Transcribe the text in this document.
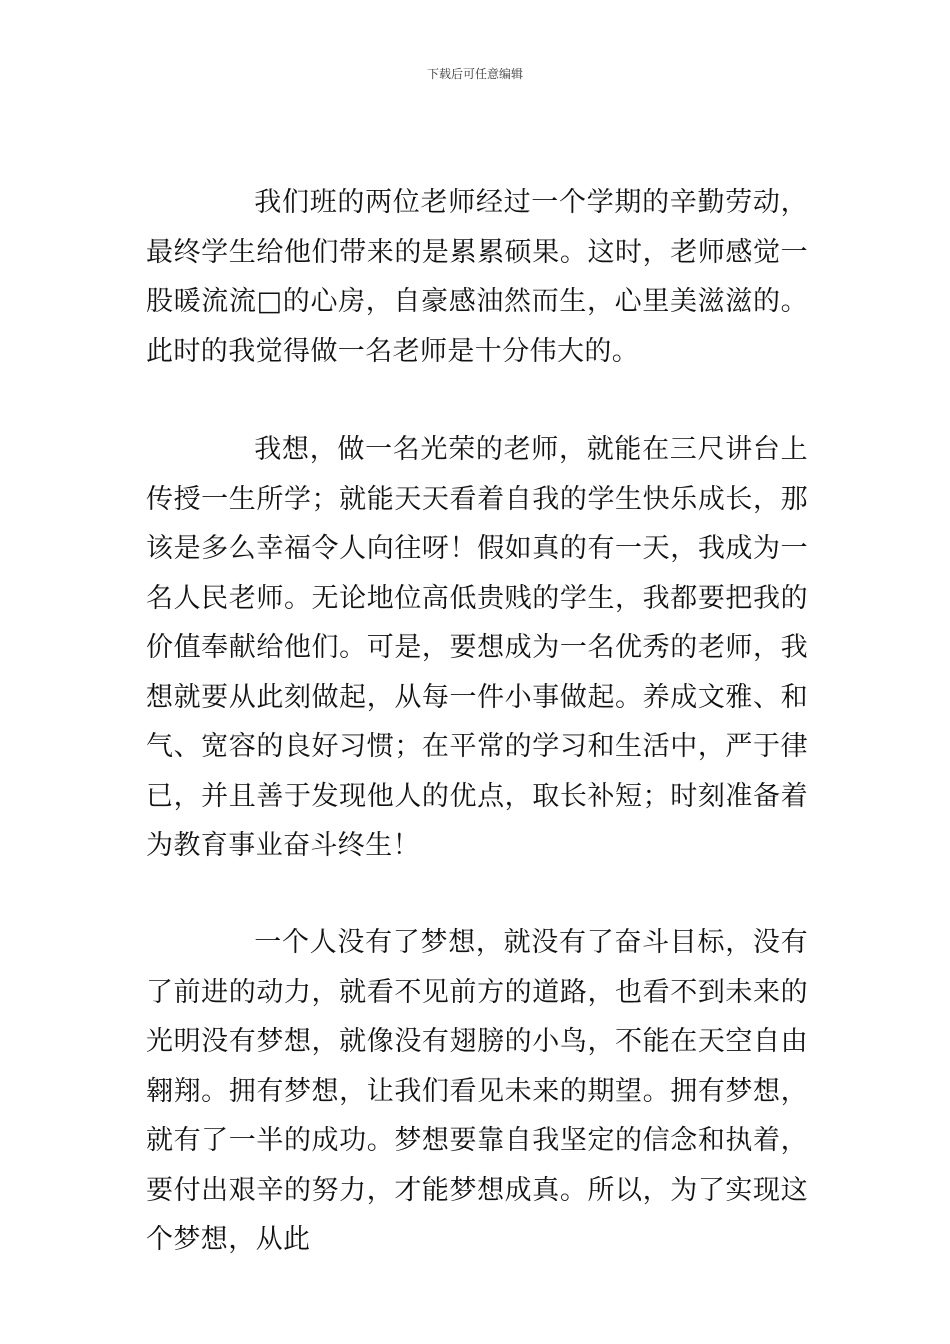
下载后可任意编辑

我们班的两位老师经过一个学期的辛勤劳动，最终学生给他们带来的是累累硕果。这时，老师感觉一股暖流流□的心房，自豪感油然而生，心里美滋滋的。此时的我觉得做一名老师是十分伟大的。

我想，做一名光荣的老师，就能在三尺讲台上传授一生所学；就能天天看着自我的学生快乐成长，那该是多么幸福令人向往呀！假如真的有一天，我成为一名人民老师。无论地位高低贵贱的学生，我都要把我的价值奉献给他们。可是，要想成为一名优秀的老师，我想就要从此刻做起，从每一件小事做起。养成文雅、和气、宽容的良好习惯；在平常的学习和生活中，严于律已，并且善于发现他人的优点，取长补短；时刻准备着为教育事业奋斗终生！

一个人没有了梦想，就没有了奋斗目标，没有了前进的动力，就看不见前方的道路，也看不到未来的光明没有梦想，就像没有翅膀的小鸟，不能在天空自由翱翔。拥有梦想，让我们看见未来的期望。拥有梦想，就有了一半的成功。梦想要靠自我坚定的信念和执着，要付出艰辛的努力，才能梦想成真。所以，为了实现这个梦想，从此
